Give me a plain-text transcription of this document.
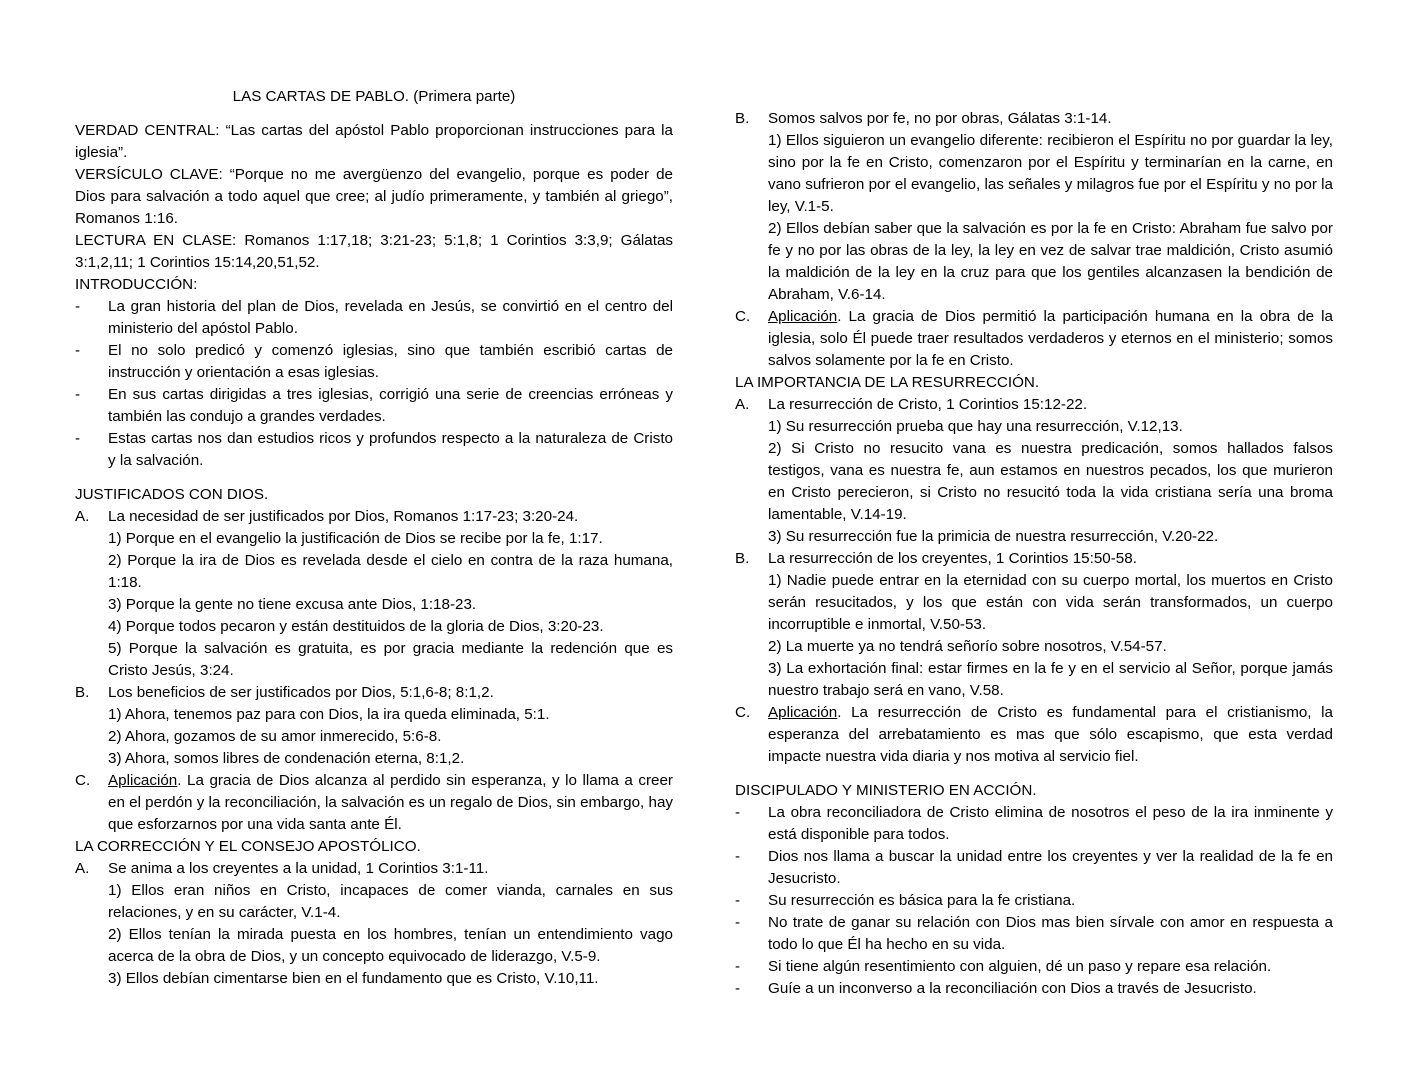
LAS CARTAS DE PABLO. (Primera parte)

VERDAD CENTRAL: “Las cartas del apóstol Pablo proporcionan instrucciones para la iglesia”.

VERSÍCULO CLAVE: “Porque no me avergüenzo del evangelio, porque es poder de Dios para salvación a todo aquel que cree; al judío primeramente, y también al griego”, Romanos 1:16.

LECTURA EN CLASE: Romanos 1:17,18; 3:21-23; 5:1,8; 1 Corintios 3:3,9; Gálatas 3:1,2,11; 1 Corintios 15:14,20,51,52.

INTRODUCCIÓN:
-	La gran historia del plan de Dios, revelada en Jesús, se convirtió en el centro del ministerio del apóstol Pablo.
-	El no solo predicó y comenzó iglesias, sino que también escribió cartas de instrucción y orientación a esas iglesias.
-	En sus cartas dirigidas a tres iglesias, corrigió una serie de creencias erróneas y también las condujo a grandes verdades.
-	Estas cartas nos dan estudios ricos y profundos respecto a la naturaleza de Cristo y la salvación.
JUSTIFICADOS CON DIOS.
A.	La necesidad de ser justificados por Dios, Romanos 1:17-23; 3:20-24.
1) Porque en el evangelio la justificación de Dios se recibe por la fe, 1:17.
2) Porque la ira de Dios es revelada desde el cielo en contra de la raza humana, 1:18.
3) Porque la gente no tiene excusa ante Dios, 1:18-23.
4) Porque todos pecaron y están destituidos de la gloria de Dios, 3:20-23.
5) Porque la salvación es gratuita, es por gracia mediante la redención que es Cristo Jesús, 3:24.
B.	Los beneficios de ser justificados por Dios, 5:1,6-8; 8:1,2.
1) Ahora, tenemos paz para con Dios, la ira queda eliminada, 5:1.
2) Ahora, gozamos de su amor inmerecido, 5:6-8.
3) Ahora, somos libres de condenación eterna, 8:1,2.
C.	Aplicación. La gracia de Dios alcanza al perdido sin esperanza, y lo llama a creer en el perdón y la reconciliación, la salvación es un regalo de Dios, sin embargo, hay que esforzarnos por una vida santa ante Él.
LA CORRECCIÓN Y EL CONSEJO APOSTÓLICO.
A.	Se anima a los creyentes a la unidad, 1 Corintios 3:1-11.
1) Ellos eran niños en Cristo, incapaces de comer vianda, carnales en sus relaciones, y en su carácter, V.1-4.
2) Ellos tenían la mirada puesta en los hombres, tenían un entendimiento vago acerca de la obra de Dios, y un concepto equivocado de liderazgo, V.5-9.
3) Ellos debían cimentarse bien en el fundamento que es Cristo, V.10,11.
B.	Somos salvos por fe, no por obras, Gálatas 3:1-14.
1) Ellos siguieron un evangelio diferente: recibieron el Espíritu no por guardar la ley, sino por la fe en Cristo, comenzaron por el Espíritu y terminarían en la carne, en vano sufrieron por el evangelio, las señales y milagros fue por el Espíritu y no por la ley, V.1-5.
2) Ellos debían saber que la salvación es por la fe en Cristo: Abraham fue salvo por fe y no por las obras de la ley, la ley en vez de salvar trae maldición, Cristo asumió la maldición de la ley en la cruz para que los gentiles alcanzasen la bendición de Abraham, V.6-14.
C.	Aplicación. La gracia de Dios permitió la participación humana en la obra de la iglesia, solo Él puede traer resultados verdaderos y eternos en el ministerio; somos salvos solamente por la fe en Cristo.
LA IMPORTANCIA DE LA RESURRECCIÓN.
A.	La resurrección de Cristo, 1 Corintios 15:12-22.
1) Su resurrección prueba que hay una resurrección, V.12,13.
2) Si Cristo no resucito vana es nuestra predicación, somos hallados falsos testigos, vana es nuestra fe, aun estamos en nuestros pecados, los que murieron en Cristo perecieron, si Cristo no resucitó toda la vida cristiana sería una broma lamentable, V.14-19.
3) Su resurrección fue la primicia de nuestra resurrección, V.20-22.
B.	La resurrección de los creyentes, 1 Corintios 15:50-58.
1) Nadie puede entrar en la eternidad con su cuerpo mortal, los muertos en Cristo serán resucitados, y los que están con vida serán transformados, un cuerpo incorruptible e inmortal, V.50-53.
2) La muerte ya no tendrá señorío sobre nosotros, V.54-57.
3) La exhortación final: estar firmes en la fe y en el servicio al Señor, porque jamás nuestro trabajo será en vano, V.58.
C.	Aplicación. La resurrección de Cristo es fundamental para el cristianismo, la esperanza del arrebatamiento es mas que sólo escapismo, que esta verdad impacte nuestra vida diaria y nos motiva al servicio fiel.
DISCIPULADO Y MINISTERIO EN ACCIÓN.
-	La obra reconciliadora de Cristo elimina de nosotros el peso de la ira inminente y está disponible para todos.
-	Dios nos llama a buscar la unidad entre los creyentes y ver la realidad de la fe en Jesucristo.
-	Su resurrección es básica para la fe cristiana.
-	No trate de ganar su relación con Dios mas bien sírvale con amor en respuesta a todo lo que Él ha hecho en su vida.
-	Si tiene algún resentimiento con alguien, dé un paso y repare esa relación.
-	Guíe a un inconverso a la reconciliación con Dios a través de Jesucristo.
